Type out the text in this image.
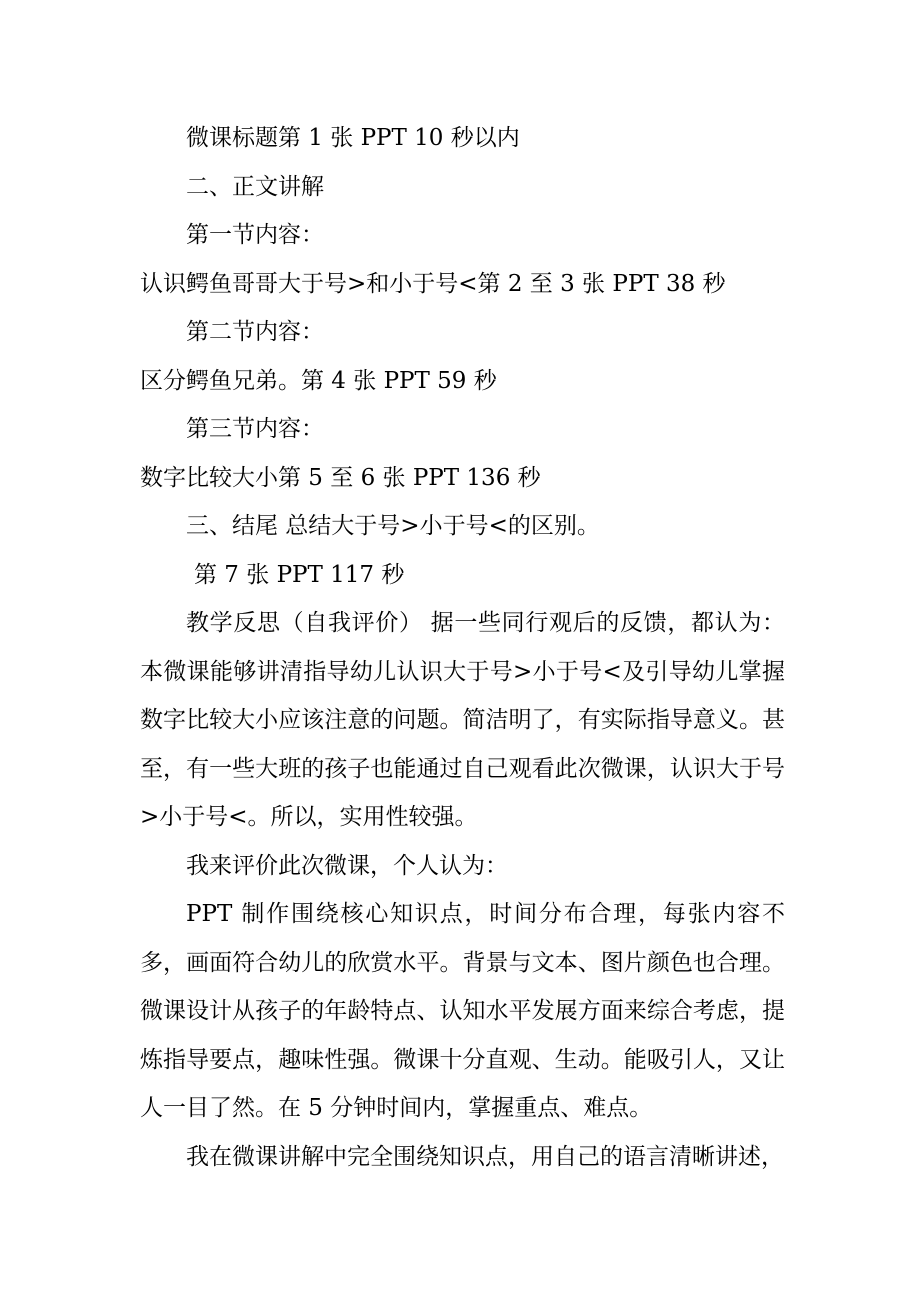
微课标题第 1 张 PPT 10 秒以内
二、正文讲解
第一节内容：
认识鳄鱼哥哥大于号>和小于号<第 2 至 3 张 PPT 38 秒
第二节内容：
区分鳄鱼兄弟。第 4 张 PPT 59 秒
第三节内容：
数字比较大小第 5 至 6 张 PPT 136 秒
三、结尾 总结大于号>小于号<的区别。
第 7 张 PPT 117 秒

教学反思（自我评价） 据一些同行观后的反馈，都认为：本微课能够讲清指导幼儿认识大于号>小于号<及引导幼儿掌握数字比较大小应该注意的问题。简洁明了，有实际指导意义。甚至，有一些大班的孩子也能通过自己观看此次微课，认识大于号>小于号<。所以，实用性较强。

我来评价此次微课，个人认为：

PPT 制作围绕核心知识点，时间分布合理，每张内容不多，画面符合幼儿的欣赏水平。背景与文本、图片颜色也合理。微课设计从孩子的年龄特点、认知水平发展方面来综合考虑，提炼指导要点，趣味性强。微课十分直观、生动。能吸引人，又让人一目了然。在 5 分钟时间内，掌握重点、难点。

我在微课讲解中完全围绕知识点，用自己的语言清晰讲述，
